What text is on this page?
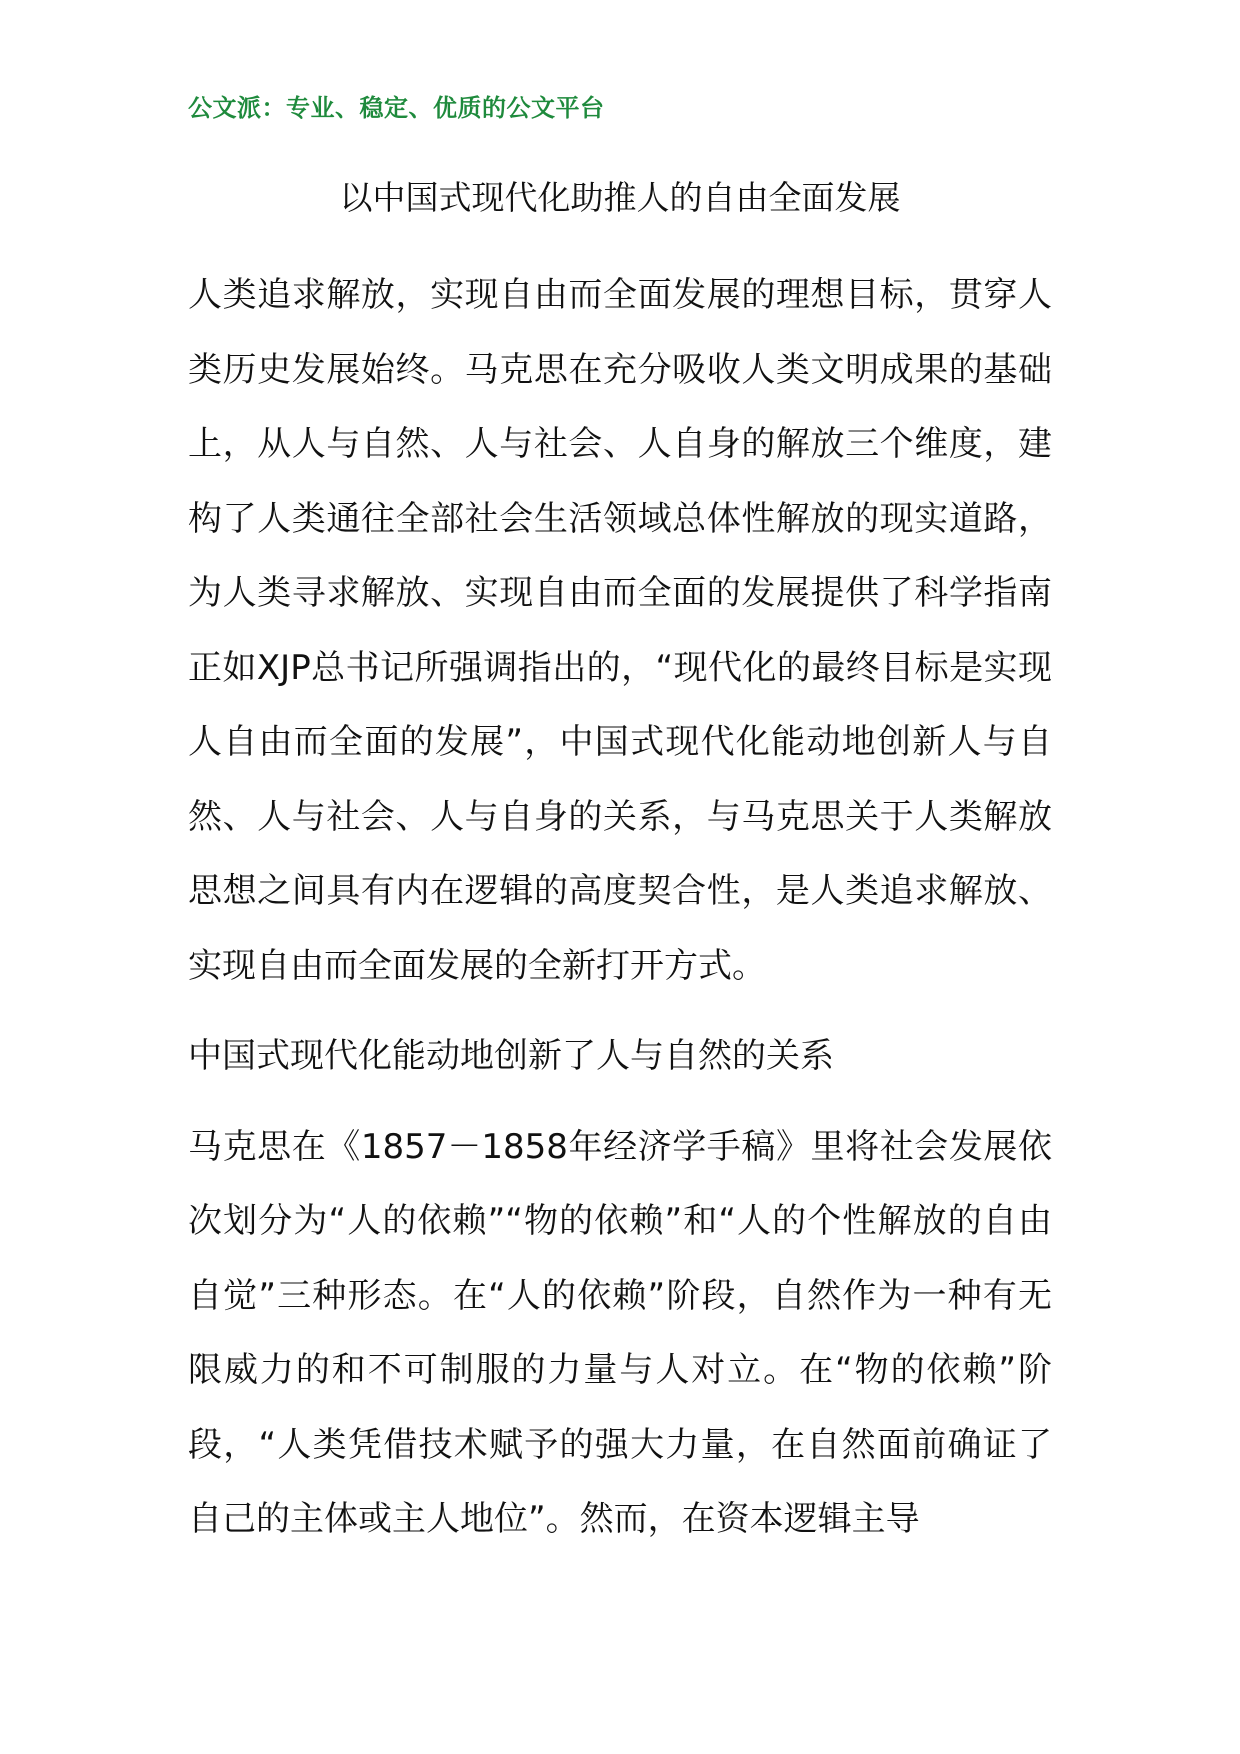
公文派：专业、稳定、优质的公文平台
以中国式现代化助推人的自由全面发展

人类追求解放，实现自由而全面发展的理想目标，贯穿人类历史发展始终。马克思在充分吸收人类文明成果的基础上，从人与自然、人与社会、人自身的解放三个维度，建构了人类通往全部社会生活领域总体性解放的现实道路，为人类寻求解放、实现自由而全面的发展提供了科学指南正如XJP总书记所强调指出的，“现代化的最终目标是实现人自由而全面的发展”，中国式现代化能动地创新人与自然、人与社会、人与自身的关系，与马克思关于人类解放思想之间具有内在逻辑的高度契合性，是人类追求解放、实现自由而全面发展的全新打开方式。

中国式现代化能动地创新了人与自然的关系

马克思在《1857－1858年经济学手稿》里将社会发展依次划分为“人的依赖”“物的依赖”和“人的个性解放的自由自觉”三种形态。在“人的依赖”阶段，自然作为一种有无限威力的和不可制服的力量与人对立。在“物的依赖”阶段，“人类凭借技术赋予的强大力量，在自然面前确证了自己的主体或主人地位”。然而，在资本逻辑主导
